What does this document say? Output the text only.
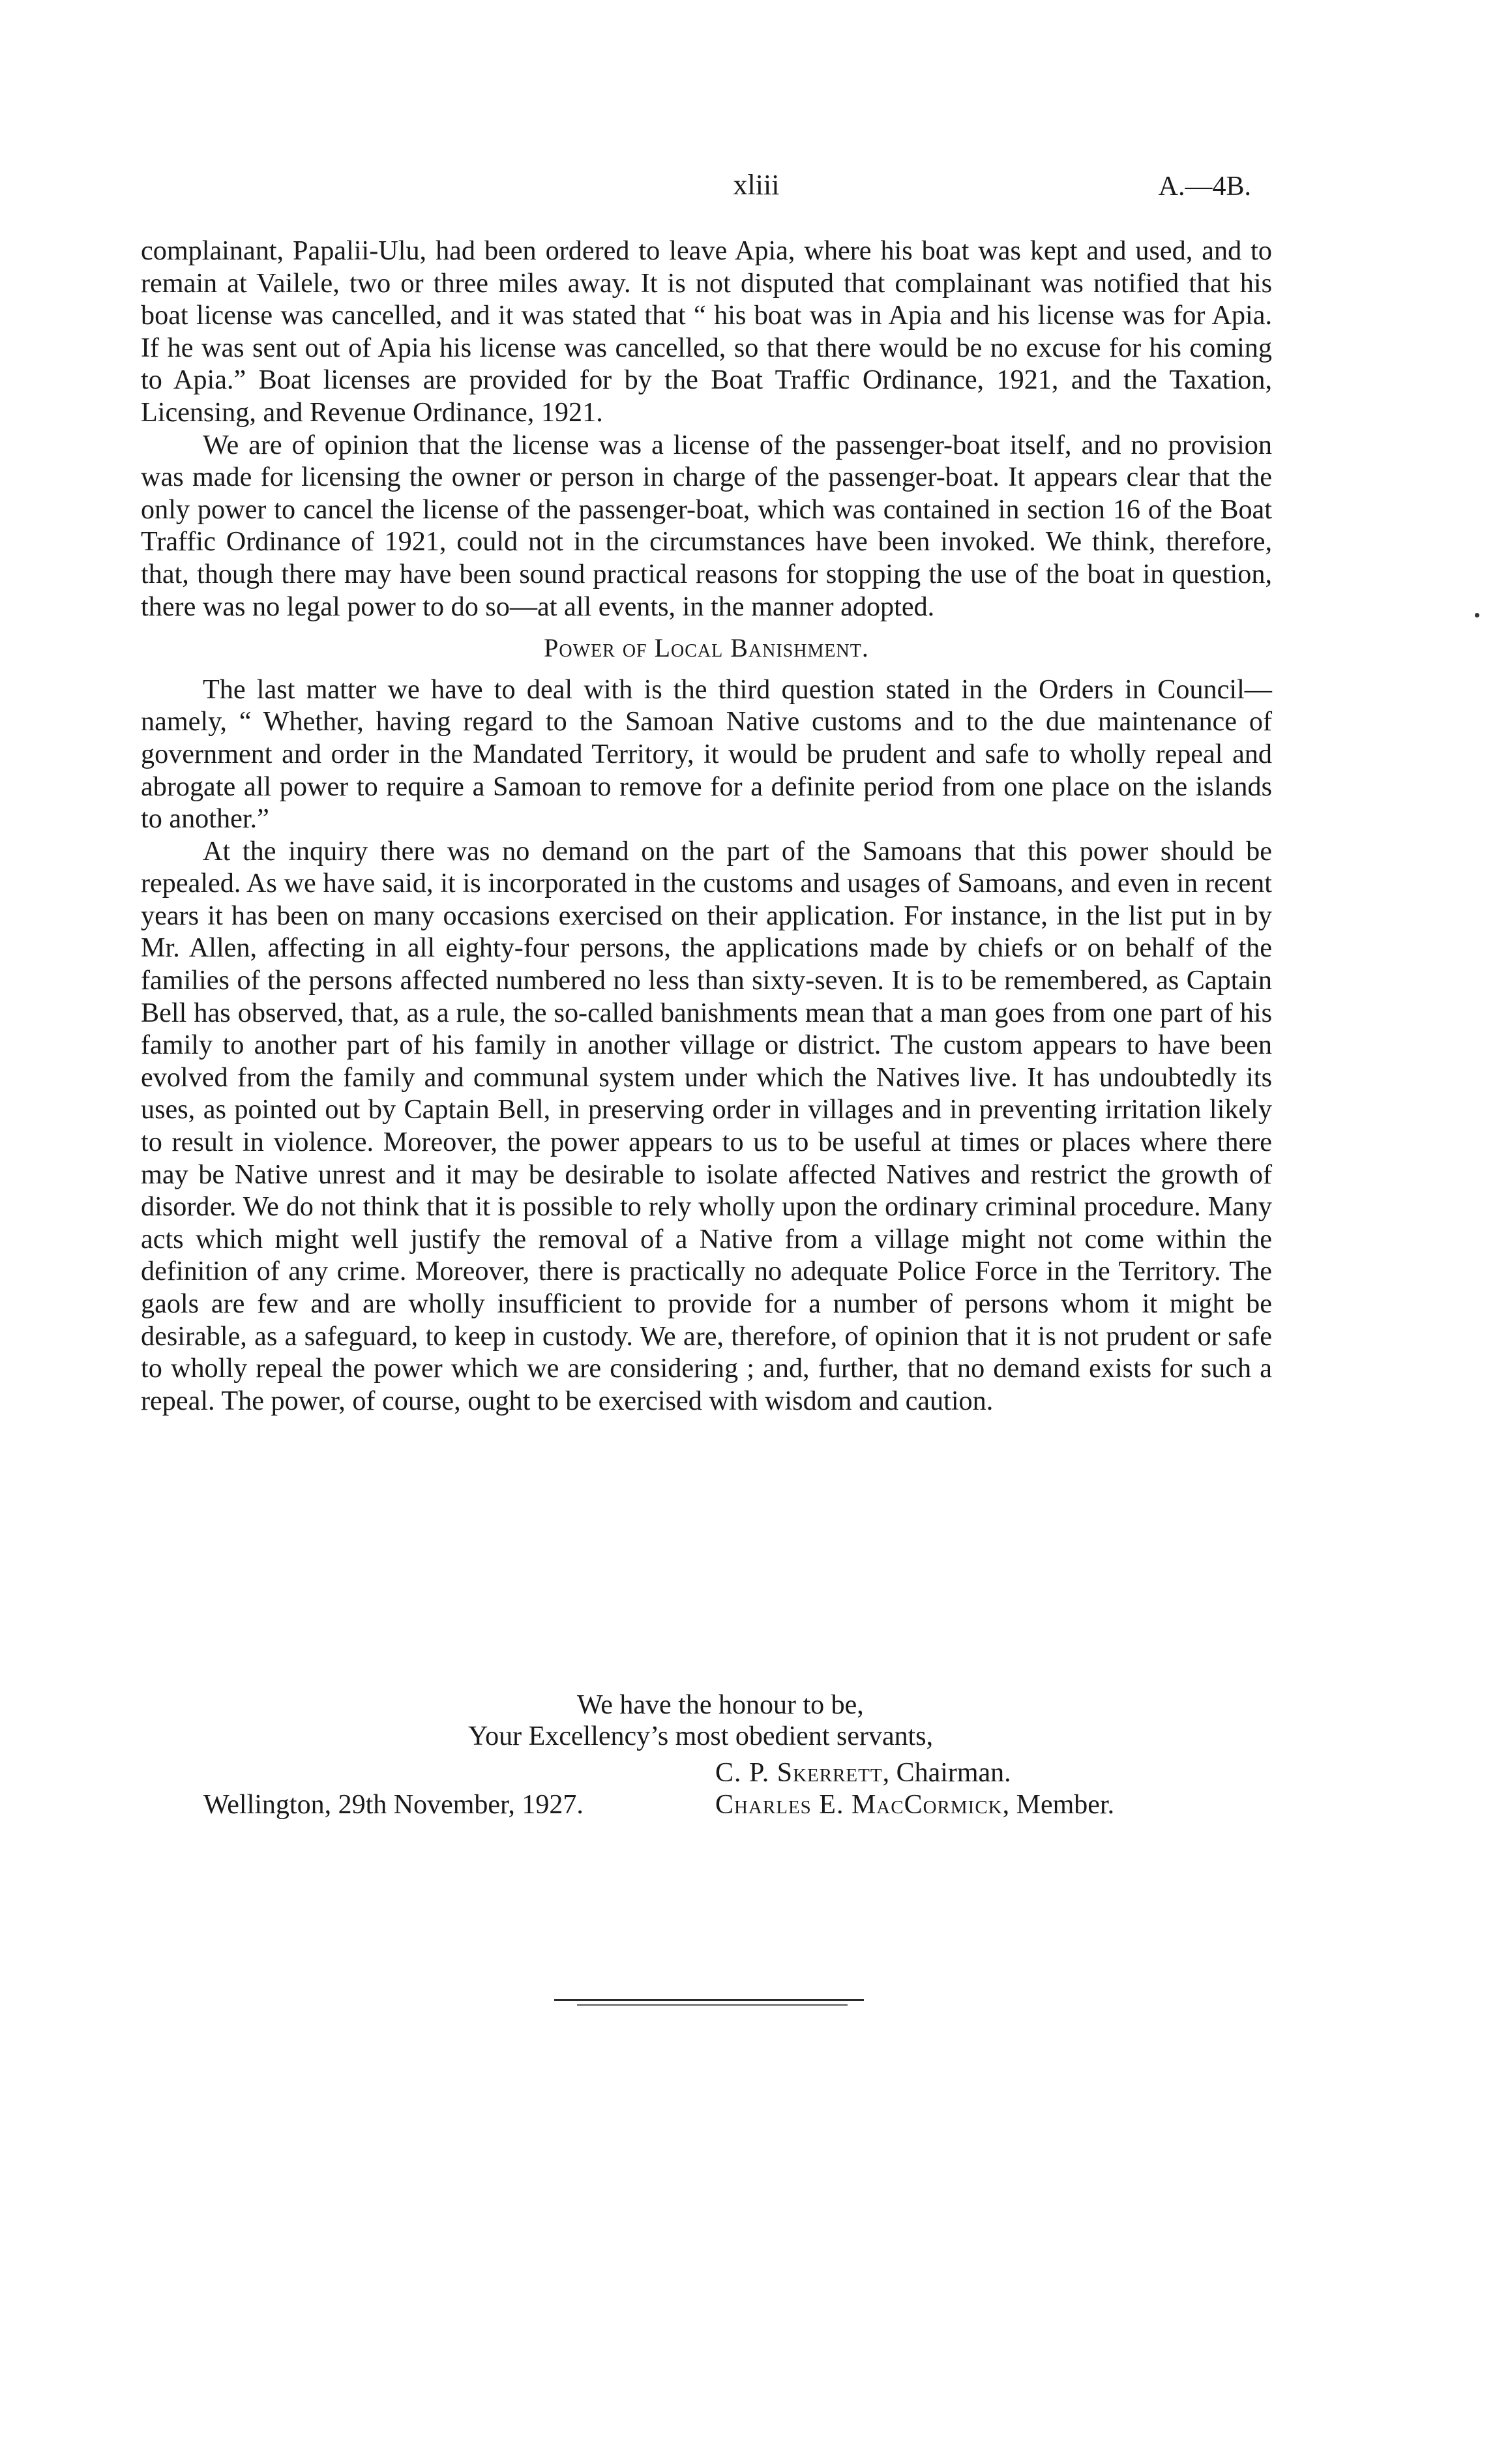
xliii	A.—4B.

complainant, Papalii-Ulu, had been ordered to leave Apia, where his boat was kept and used, and to remain at Vailele, two or three miles away. It is not disputed that complainant was notified that his boat license was cancelled, and it was stated that “ his boat was in Apia and his license was for Apia. If he was sent out of Apia his license was cancelled, so that there would be no excuse for his coming to Apia.” Boat licenses are provided for by the Boat Traffic Ordinance, 1921, and the Taxation, Licensing, and Revenue Ordinance, 1921.

We are of opinion that the license was a license of the passenger-boat itself, and no provision was made for licensing the owner or person in charge of the passenger-boat. It appears clear that the only power to cancel the license of the passenger-boat, which was contained in section 16 of the Boat Traffic Ordinance of 1921, could not in the circumstances have been invoked. We think, therefore, that, though there may have been sound practical reasons for stopping the use of the boat in question, there was no legal power to do so—at all events, in the manner adopted.

Power of Local Banishment.

The last matter we have to deal with is the third question stated in the Orders in Council—namely, “ Whether, having regard to the Samoan Native customs and to the due maintenance of government and order in the Mandated Territory, it would be prudent and safe to wholly repeal and abrogate all power to require a Samoan to remove for a definite period from one place on the islands to another.”

At the inquiry there was no demand on the part of the Samoans that this power should be repealed. As we have said, it is incorporated in the customs and usages of Samoans, and even in recent years it has been on many occasions exercised on their application. For instance, in the list put in by Mr. Allen, affecting in all eighty-four persons, the applications made by chiefs or on behalf of the families of the persons affected numbered no less than sixty-seven. It is to be remembered, as Captain Bell has observed, that, as a rule, the so-called banishments mean that a man goes from one part of his family to another part of his family in another village or district. The custom appears to have been evolved from the family and communal system under which the Natives live. It has undoubtedly its uses, as pointed out by Captain Bell, in preserving order in villages and in preventing irritation likely to result in violence. Moreover, the power appears to us to be useful at times or places where there may be Native unrest and it may be desirable to isolate affected Natives and restrict the growth of disorder. We do not think that it is possible to rely wholly upon the ordinary criminal procedure. Many acts which might well justify the removal of a Native from a village might not come within the definition of any crime. Moreover, there is practically no adequate Police Force in the Territory. The gaols are few and are wholly insufficient to provide for a number of persons whom it might be desirable, as a safeguard, to keep in custody. We are, therefore, of opinion that it is not prudent or safe to wholly repeal the power which we are considering ; and, further, that no demand exists for such a repeal. The power, of course, ought to be exercised with wisdom and caution.

We have the honour to be,
Your Excellency’s most obedient servants,
C. P. Skerrett, Chairman.
Wellington, 29th November, 1927.	Charles E. MacCormick, Member.
